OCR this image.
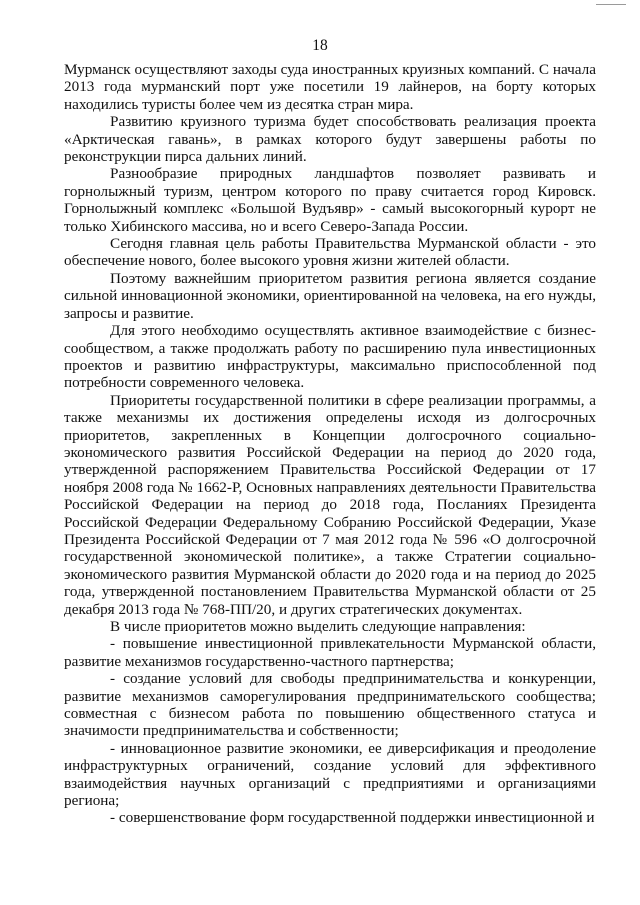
18

Мурманск осуществляют заходы суда иностранных круизных компаний. С начала 2013 года мурманский порт уже посетили 19 лайнеров, на борту которых находились туристы более чем из десятка стран мира.

Развитию круизного туризма будет способствовать реализация проекта «Арктическая гавань», в рамках которого будут завершены работы по реконструкции пирса дальних линий.

Разнообразие природных ландшафтов позволяет развивать и горнолыжный туризм, центром которого по праву считается город Кировск. Горнолыжный комплекс «Большой Вудъявр» - самый высокогорный курорт не только Хибинского массива, но и всего Северо-Запада России.

Сегодня главная цель работы Правительства Мурманской области - это обеспечение нового, более высокого уровня жизни жителей области.

Поэтому важнейшим приоритетом развития региона является создание сильной инновационной экономики, ориентированной на человека, на его нужды, запросы и развитие.

Для этого необходимо осуществлять активное взаимодействие с бизнес-сообществом, а также продолжать работу по расширению пула инвестиционных проектов и развитию инфраструктуры, максимально приспособленной под потребности современного человека.

Приоритеты государственной политики в сфере реализации программы, а также механизмы их достижения определены исходя из долгосрочных приоритетов, закрепленных в Концепции долгосрочного социально-экономического развития Российской Федерации на период до 2020 года, утвержденной распоряжением Правительства Российской Федерации от 17 ноября 2008 года № 1662-Р, Основных направлениях деятельности Правительства Российской Федерации на период до 2018 года, Посланиях Президента Российской Федерации Федеральному Собранию Российской Федерации, Указе Президента Российской Федерации от 7 мая 2012 года № 596 «О долгосрочной государственной экономической политике», а также Стратегии социально-экономического развития Мурманской области до 2020 года и на период до 2025 года, утвержденной постановлением Правительства Мурманской области от 25 декабря 2013 года № 768-ПП/20, и других стратегических документах.

В числе приоритетов можно выделить следующие направления:

- повышение инвестиционной привлекательности Мурманской области, развитие механизмов государственно-частного партнерства;

- создание условий для свободы предпринимательства и конкуренции, развитие механизмов саморегулирования предпринимательского сообщества; совместная с бизнесом работа по повышению общественного статуса и значимости предпринимательства и собственности;

- инновационное развитие экономики, ее диверсификация и преодоление инфраструктурных ограничений, создание условий для эффективного взаимодействия научных организаций с предприятиями и организациями региона;

- совершенствование форм государственной поддержки инвестиционной и
